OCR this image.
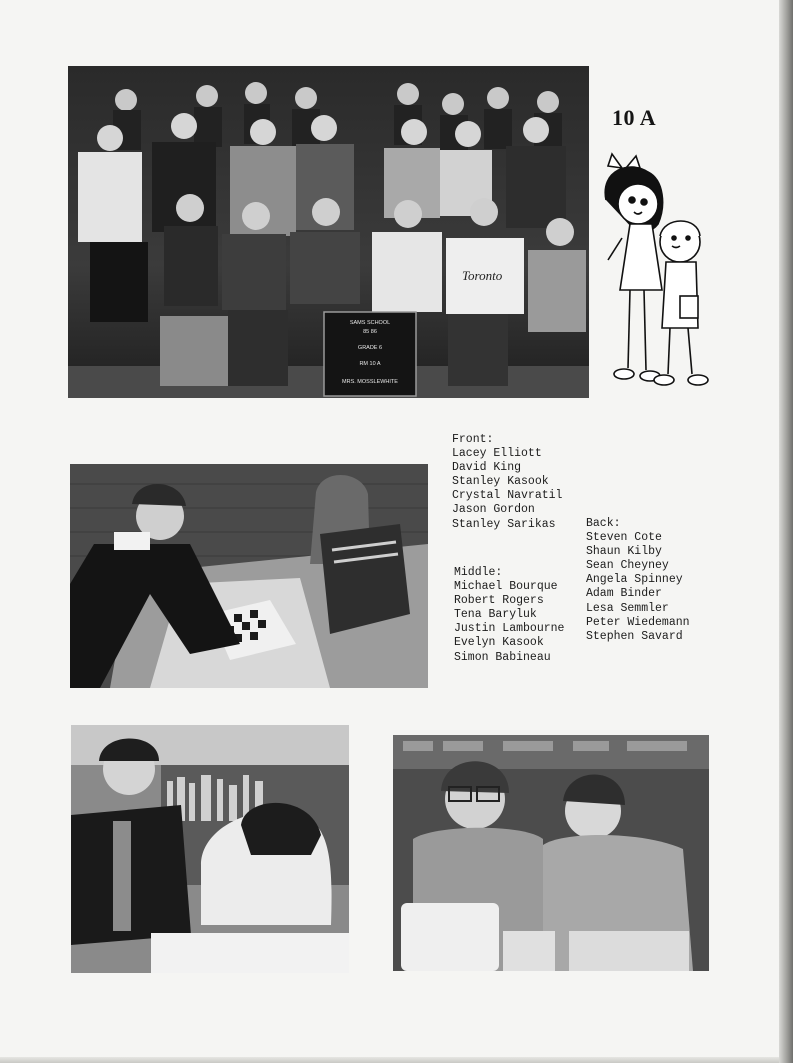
Toronto
SAMS SCHOOL
85 86
GRADE 6
RM 10 A
MRS. MOSSLEWHITE
10 A
Front:
Lacey Elliott
David King
Stanley Kasook
Crystal Navratil
Jason Gordon
Stanley Sarikas
Middle:
Michael Bourque
Robert Rogers
Tena Baryluk
Justin Lambourne
Evelyn Kasook
Simon Babineau
Back:
Steven Cote
Shaun Kilby
Sean Cheyney
Angela Spinney
Adam Binder
Lesa Semmler
Peter Wiedemann
Stephen Savard
